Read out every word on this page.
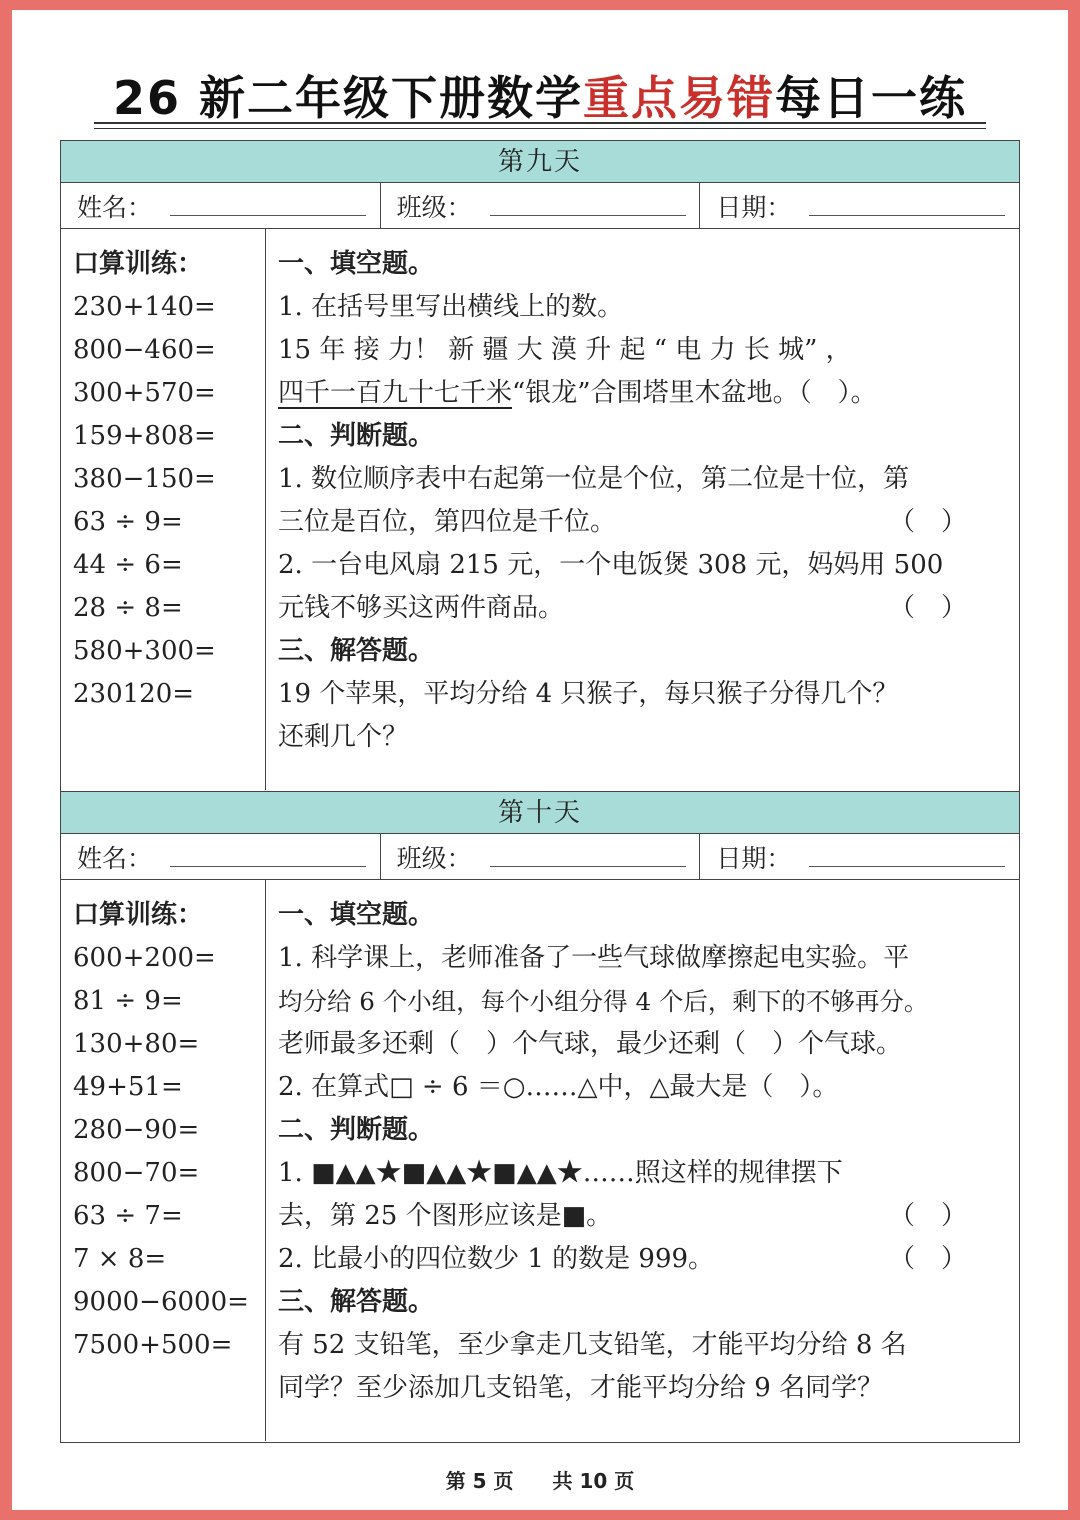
26 新二年级下册数学重点易错每日一练
第九天
姓名：	班级：	日期：
口算训练：
230+140=
800−460=
300+570=
159+808=
380−150=
63 ÷ 9=
44 ÷ 6=
28 ÷ 8=
580+300=
230120=
一、填空题。
1. 在括号里写出横线上的数。
15 年 接 力！ 新 疆 大 漠 升 起 “ 电 力 长 城” ，
四千一百九十七千米“银龙”合围塔里木盆地。（　）。
二、判断题。
1. 数位顺序表中右起第一位是个位，第二位是十位，第
三位是百位，第四位是千位。	（　）
2. 一台电风扇 215 元，一个电饭煲 308 元，妈妈用 500
元钱不够买这两件商品。	（　）
三、解答题。
19 个苹果，平均分给 4 只猴子，每只猴子分得几个？
还剩几个？
第十天
姓名：	班级：	日期：
口算训练：
600+200=
81 ÷ 9=
130+80=
49+51=
280−90=
800−70=
63 ÷ 7=
7 × 8=
9000−6000=
7500+500=
一、填空题。
1. 科学课上，老师准备了一些气球做摩擦起电实验。平
均分给 6 个小组，每个小组分得 4 个后，剩下的不够再分。
老师最多还剩（　）个气球，最少还剩（　）个气球。
2. 在算式□ ÷ 6 ＝○……△中，△最大是（　）。
二、判断题。
1. ■▲▲★■▲▲★■▲▲★……照这样的规律摆下
去，第 25 个图形应该是■。	（　）
2. 比最小的四位数少 1 的数是 999。	（　）
三、解答题。
有 52 支铅笔，至少拿走几支铅笔，才能平均分给 8 名
同学？至少添加几支铅笔，才能平均分给 9 名同学？
第 5 页 共 10 页
